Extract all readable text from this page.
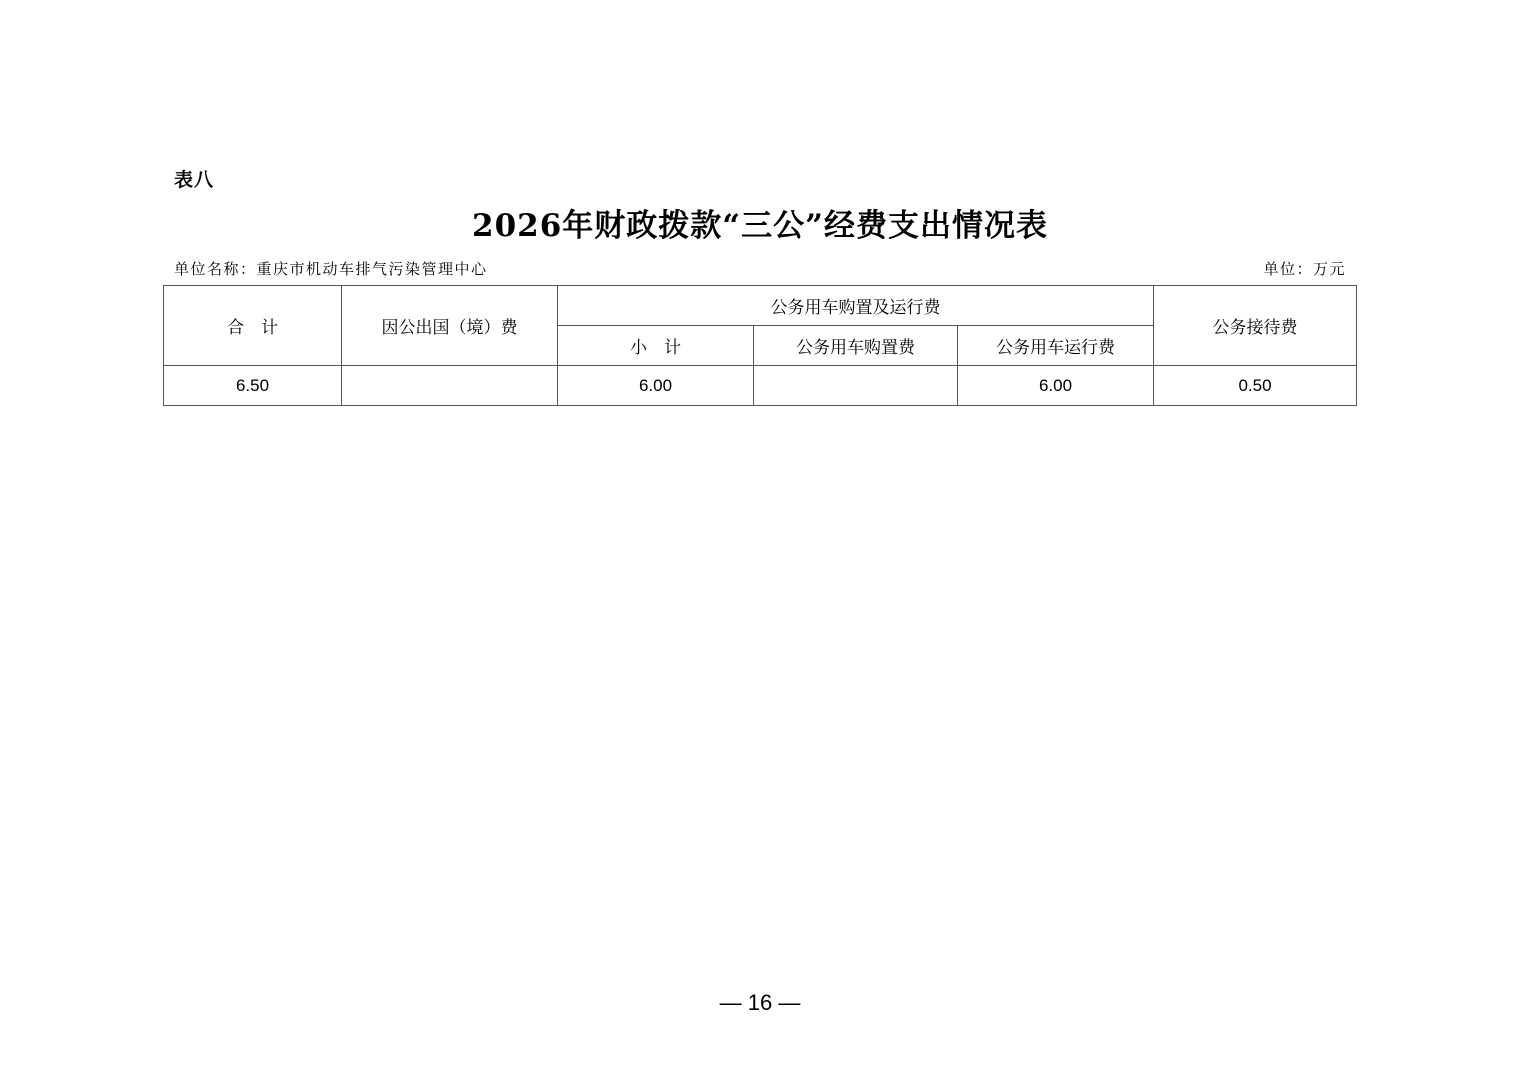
表八
2026年财政拨款“三公”经费支出情况表
单位名称：重庆市机动车排气污染管理中心	单位：万元
合　计	因公出国（境）费	公务用车购置及运行费			公务接待费
		小　计	公务用车购置费	公务用车运行费	
6.50		6.00		6.00	0.50
— 16 —
